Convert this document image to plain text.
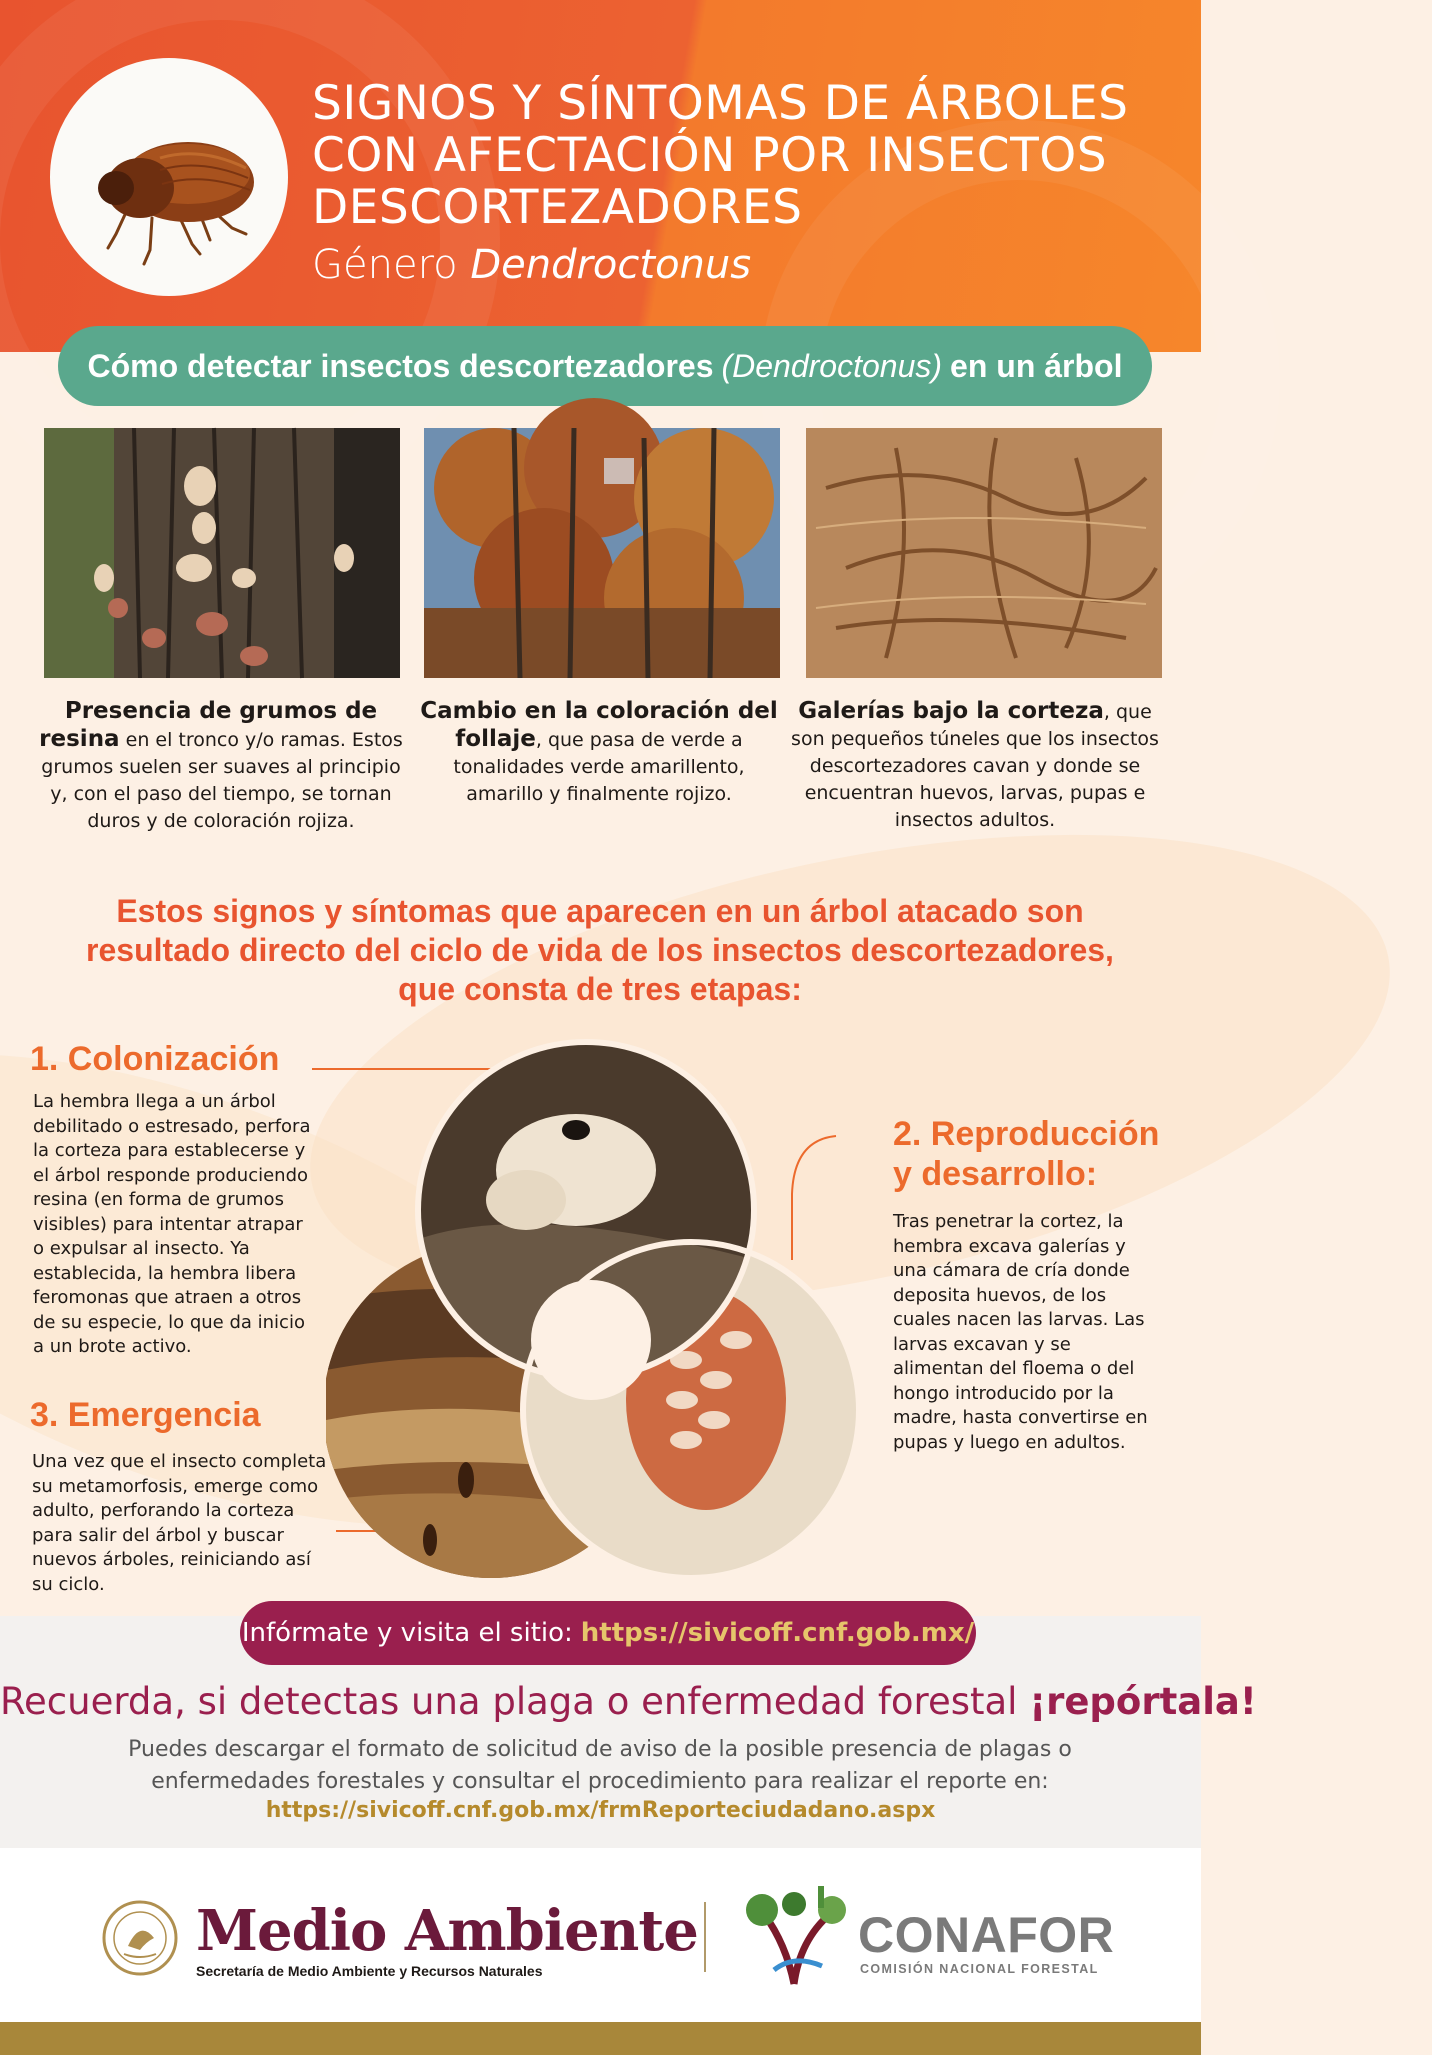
SIGNOS Y SÍNTOMAS DE ÁRBOLES
CON AFECTACIÓN POR INSECTOS
DESCORTEZADORES
Género Dendroctonus
Cómo detectar insectos descortezadores (Dendroctonus) en un árbol
Presencia de grumos de resina en el tronco y/o ramas. Estos grumos suelen ser suaves al principio y, con el paso del tiempo, se tornan duros y de coloración rojiza.
Cambio en la coloración del follaje, que pasa de verde a tonalidades verde amarillento, amarillo y finalmente rojizo.
Galerías bajo la corteza, que son pequeños túneles que los insectos descortezadores cavan y donde se encuentran huevos, larvas, pupas e insectos adultos.
Estos signos y síntomas que aparecen en un árbol atacado son resultado directo del ciclo de vida de los insectos descortezadores, que consta de tres etapas:
1. Colonización
La hembra llega a un árbol debilitado o estresado, perfora la corteza para establecerse y el árbol responde produciendo resina (en forma de grumos visibles) para intentar atrapar o expulsar al insecto. Ya establecida, la hembra libera feromonas que atraen a otros de su especie, lo que da inicio a un brote activo.
2. Reproducción y desarrollo:
Tras penetrar la cortez, la hembra excava galerías y una cámara de cría donde deposita huevos, de los cuales nacen las larvas. Las larvas excavan y se alimentan del floema o del hongo introducido por la madre, hasta convertirse en pupas y luego en adultos.
3. Emergencia
Una vez que el insecto completa su metamorfosis, emerge como adulto, perforando la corteza para salir del árbol y buscar nuevos árboles, reiniciando así su ciclo.
Infórmate y visita el sitio: https://sivicoff.cnf.gob.mx/
Recuerda, si detectas una plaga o enfermedad forestal ¡repórtala!
Puedes descargar el formato de solicitud de aviso de la posible presencia de plagas o enfermedades forestales y consultar el procedimiento para realizar el reporte en:
https://sivicoff.cnf.gob.mx/frmReporteciudadano.aspx
Medio Ambiente
Secretaría de Medio Ambiente y Recursos Naturales
CONAFOR
COMISIÓN NACIONAL FORESTAL
